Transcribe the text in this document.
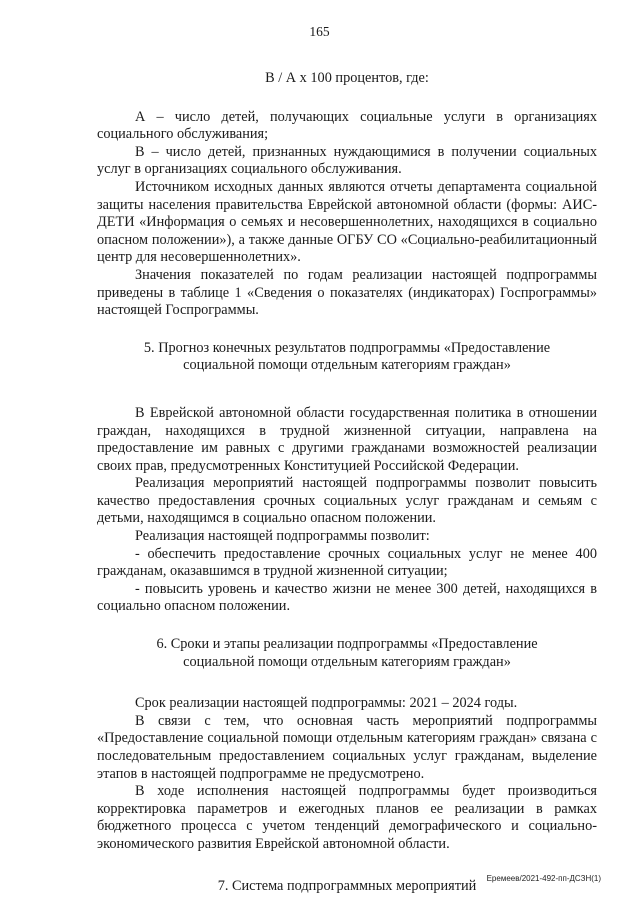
165
В / А х 100 процентов, где:

А – число детей, получающих социальные услуги в организациях социального обслуживания;

В – число детей, признанных нуждающимися в получении социальных услуг в организациях социального обслуживания.

Источником исходных данных являются отчеты департамента социальной защиты населения правительства Еврейской автономной области (формы: АИС-ДЕТИ «Информация о семьях и несовершеннолетних, находящихся в социально опасном положении»), а также данные ОГБУ СО «Социально-реабилитационный центр для несовершеннолетних».

Значения показателей по годам реализации настоящей подпрограммы приведены в таблице 1 «Сведения о показателях (индикаторах) Госпрограммы» настоящей Госпрограммы.

5. Прогноз конечных результатов подпрограммы «Предоставление
социальной помощи отдельным категориям граждан»

В Еврейской автономной области государственная политика в отношении граждан, находящихся в трудной жизненной ситуации, направлена на предоставление им равных с другими гражданами возможностей реализации своих прав, предусмотренных Конституцией Российской Федерации.

Реализация мероприятий настоящей подпрограммы позволит повысить качество предоставления срочных социальных услуг гражданам и семьям с детьми, находящимся в социально опасном положении.

Реализация настоящей подпрограммы позволит:

- обеспечить предоставление срочных социальных услуг не менее 400 гражданам, оказавшимся в трудной жизненной ситуации;

- повысить уровень и качество жизни не менее 300 детей, находящихся в социально опасном положении.

6. Сроки и этапы реализации подпрограммы «Предоставление
социальной помощи отдельным категориям граждан»

Срок реализации настоящей подпрограммы: 2021 – 2024 годы.

В связи с тем, что основная часть мероприятий подпрограммы «Предоставление социальной помощи отдельным категориям граждан» связана с последовательным предоставлением социальных услуг гражданам, выделение этапов в настоящей подпрограмме не предусмотрено.

В ходе исполнения настоящей подпрограммы будет производиться корректировка параметров и ежегодных планов ее реализации в рамках бюджетного процесса с учетом тенденций демографического и социально-экономического развития Еврейской автономной области.

7. Система подпрограммных мероприятий	Еремеев/2021-492-пп-ДСЗН(1)
